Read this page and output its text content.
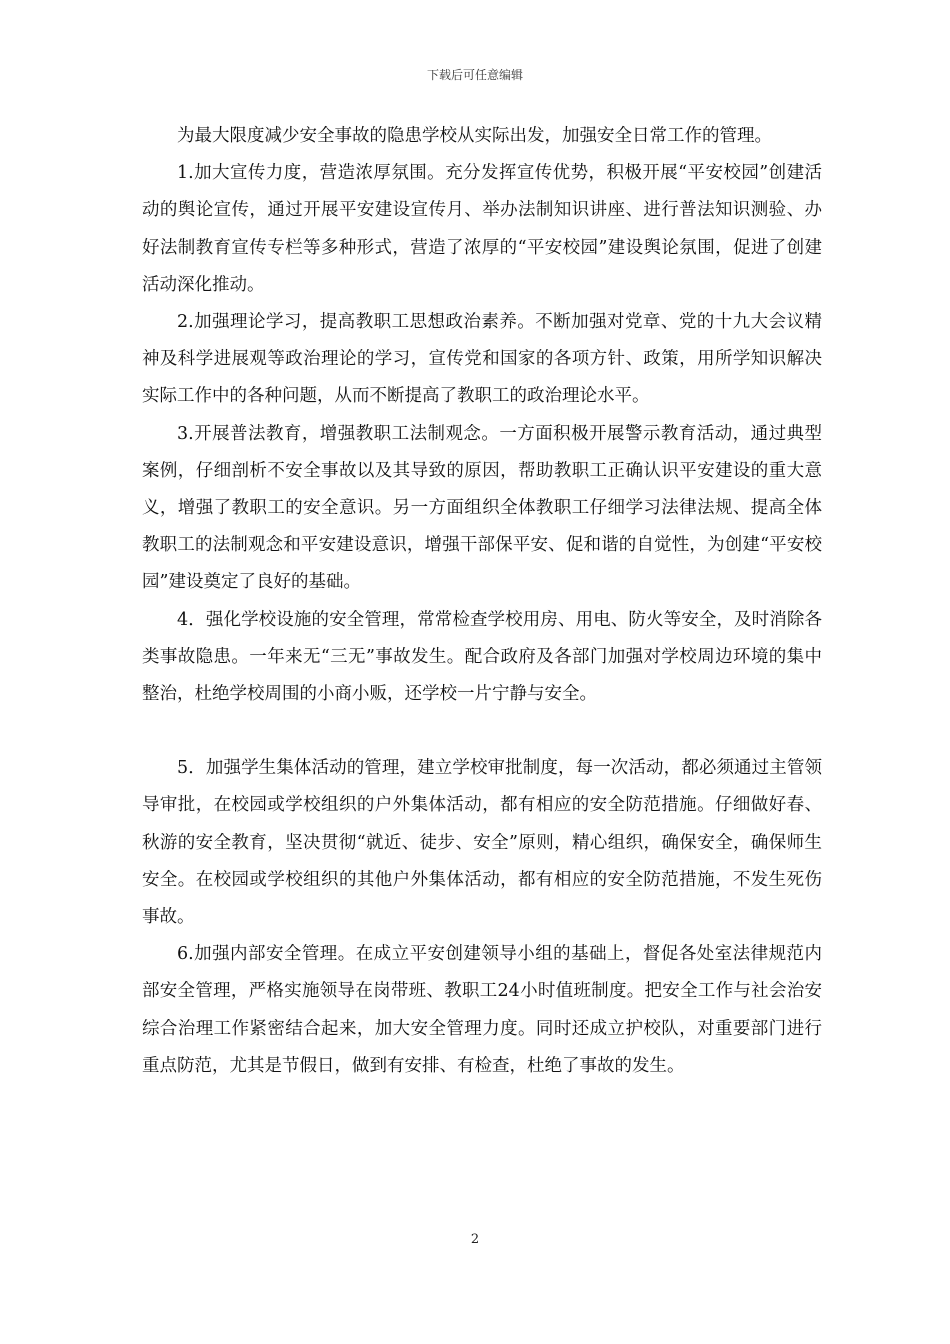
下载后可任意编辑

为最大限度减少安全事故的隐患学校从实际出发，加强安全日常工作的管理。

1.加大宣传力度，营造浓厚氛围。充分发挥宣传优势，积极开展“平安校园”创建活动的舆论宣传，通过开展平安建设宣传月、举办法制知识讲座、进行普法知识测验、办好法制教育宣传专栏等多种形式，营造了浓厚的“平安校园”建设舆论氛围，促进了创建活动深化推动。

2.加强理论学习，提高教职工思想政治素养。不断加强对党章、党的十九大会议精神及科学进展观等政治理论的学习，宣传党和国家的各项方针、政策，用所学知识解决实际工作中的各种问题，从而不断提高了教职工的政治理论水平。

3.开展普法教育，增强教职工法制观念。一方面积极开展警示教育活动，通过典型案例，仔细剖析不安全事故以及其导致的原因，帮助教职工正确认识平安建设的重大意义，增强了教职工的安全意识。另一方面组织全体教职工仔细学习法律法规、提高全体教职工的法制观念和平安建设意识，增强干部保平安、促和谐的自觉性，为创建“平安校园”建设奠定了良好的基础。

4．强化学校设施的安全管理，常常检查学校用房、用电、防火等安全，及时消除各类事故隐患。一年来无“三无”事故发生。配合政府及各部门加强对学校周边环境的集中整治，杜绝学校周围的小商小贩，还学校一片宁静与安全。

5．加强学生集体活动的管理，建立学校审批制度，每一次活动，都必须通过主管领导审批，在校园或学校组织的户外集体活动，都有相应的安全防范措施。仔细做好春、秋游的安全教育，坚决贯彻“就近、徒步、安全”原则，精心组织，确保安全，确保师生安全。在校园或学校组织的其他户外集体活动，都有相应的安全防范措施，不发生死伤事故。

6.加强内部安全管理。在成立平安创建领导小组的基础上，督促各处室法律规范内部安全管理，严格实施领导在岗带班、教职工24小时值班制度。把安全工作与社会治安综合治理工作紧密结合起来，加大安全管理力度。同时还成立护校队，对重要部门进行重点防范，尤其是节假日，做到有安排、有检查，杜绝了事故的发生。

2
